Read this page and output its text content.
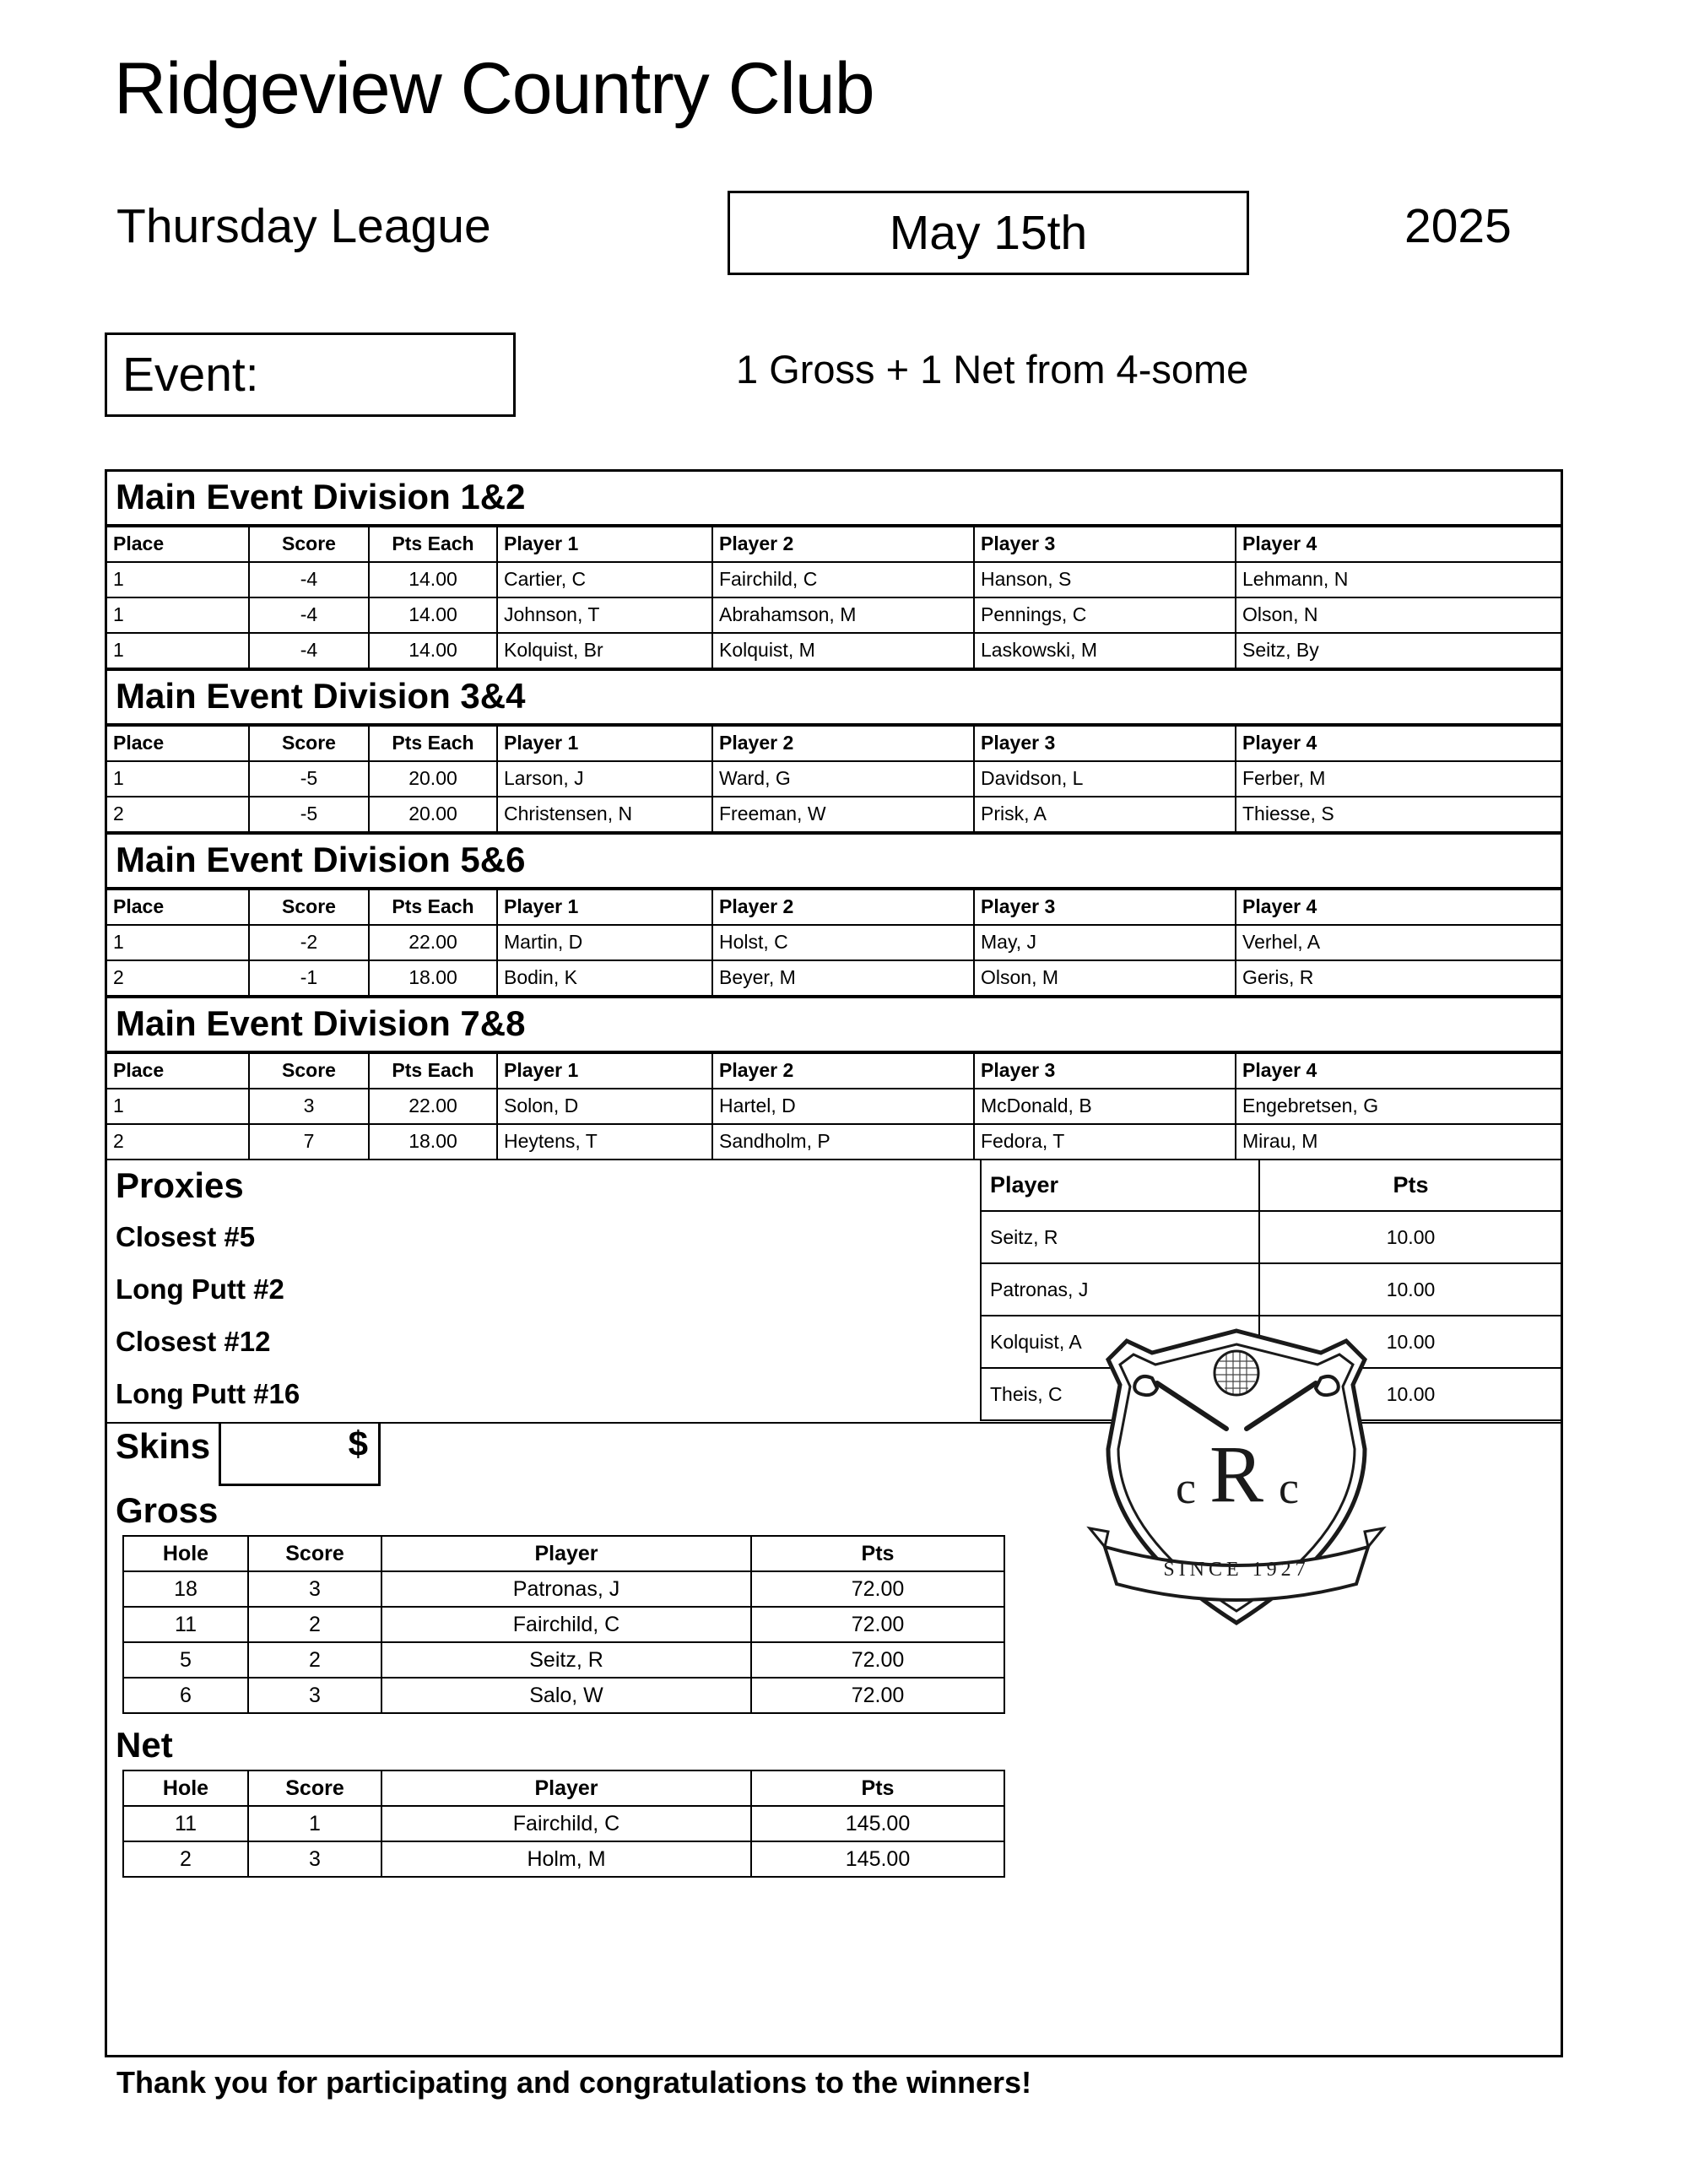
Ridgeview Country Club
Thursday League	May 15th	2025
Event:	1 Gross + 1 Net from 4-some
Main Event Division 1&2
Place	Score	Pts Each	Player 1	Player 2	Player 3	Player 4
1	-4	14.00	Cartier, C	Fairchild, C	Hanson, S	Lehmann, N
1	-4	14.00	Johnson, T	Abrahamson, M	Pennings, C	Olson, N
1	-4	14.00	Kolquist, Br	Kolquist, M	Laskowski, M	Seitz, By
Main Event Division 3&4
Place	Score	Pts Each	Player 1	Player 2	Player 3	Player 4
1	-5	20.00	Larson, J	Ward, G	Davidson, L	Ferber, M
2	-5	20.00	Christensen, N	Freeman, W	Prisk, A	Thiesse, S
Main Event Division 5&6
Place	Score	Pts Each	Player 1	Player 2	Player 3	Player 4
1	-2	22.00	Martin, D	Holst, C	May, J	Verhel, A
2	-1	18.00	Bodin, K	Beyer, M	Olson, M	Geris, R
Main Event Division 7&8
Place	Score	Pts Each	Player 1	Player 2	Player 3	Player 4
1	3	22.00	Solon, D	Hartel, D	McDonald, B	Engebretsen, G
2	7	18.00	Heytens, T	Sandholm, P	Fedora, T	Mirau, M
Proxies
Closest #5
Long Putt #2
Closest #12
Long Putt #16
Player	Pts
Seitz, R	10.00
Patronas, J	10.00
Kolquist, A	10.00
Theis, C	10.00
Skins	$
Gross
Hole	Score	Player	Pts
18	3	Patronas, J	72.00
11	2	Fairchild, C	72.00
5	2	Seitz, R	72.00
6	3	Salo, W	72.00
Net
Hole	Score	Player	Pts
11	1	Fairchild, C	145.00
2	3	Holm, M	145.00
R
c c
SINCE 1927
Thank you for participating and congratulations to the winners!
